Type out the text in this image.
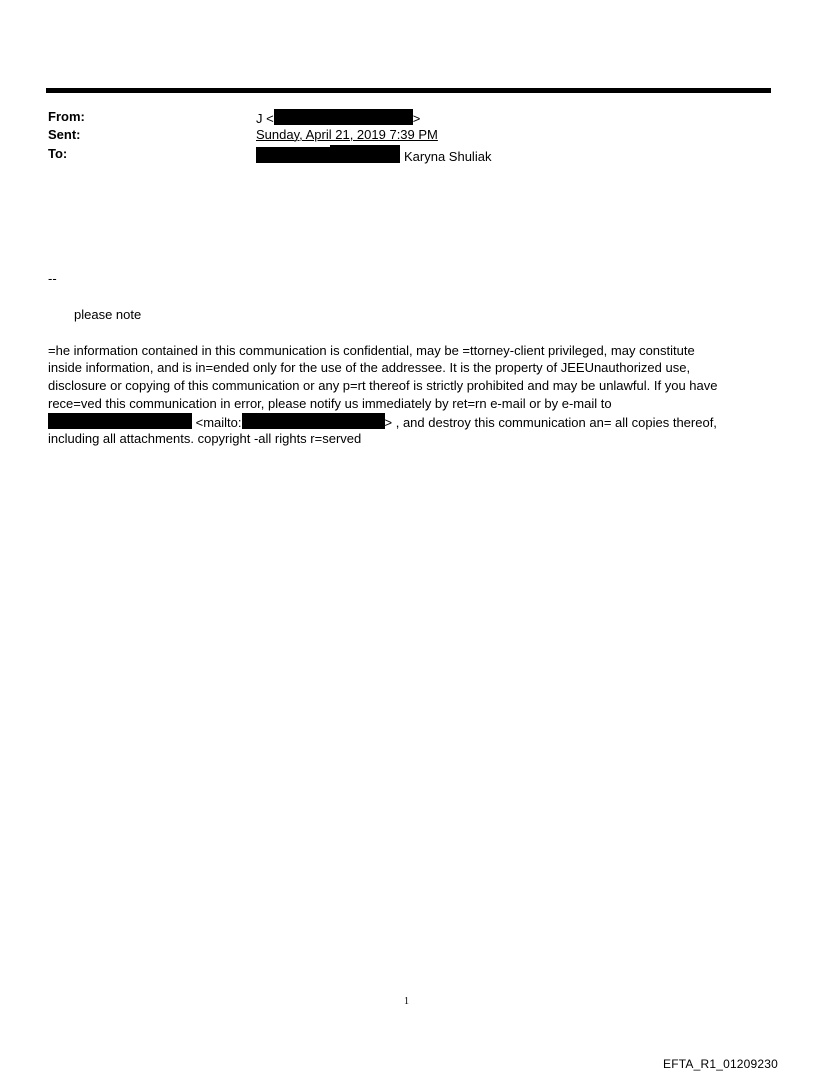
From:	J <	>
Sent:	Sunday, April 21, 2019 7:39 PM
To:	Karyna Shuliak
--
please note
=he information contained in this communication is confidential, may be =ttorney-client privileged, may constitute
inside information, and is in=ended only for the use of the addressee. It is the property of JEEUnauthorized use,
disclosure or copying of this communication or any p=rt thereof is strictly prohibited and may be unlawful. If you have
rece=ved this communication in error, please notify us immediately by ret=rn e-mail or by e-mail to
<mailto:	> , and destroy this communication an= all copies thereof,
including all attachments. copyright -all rights r=served
1
EFTA_R1_01209230
